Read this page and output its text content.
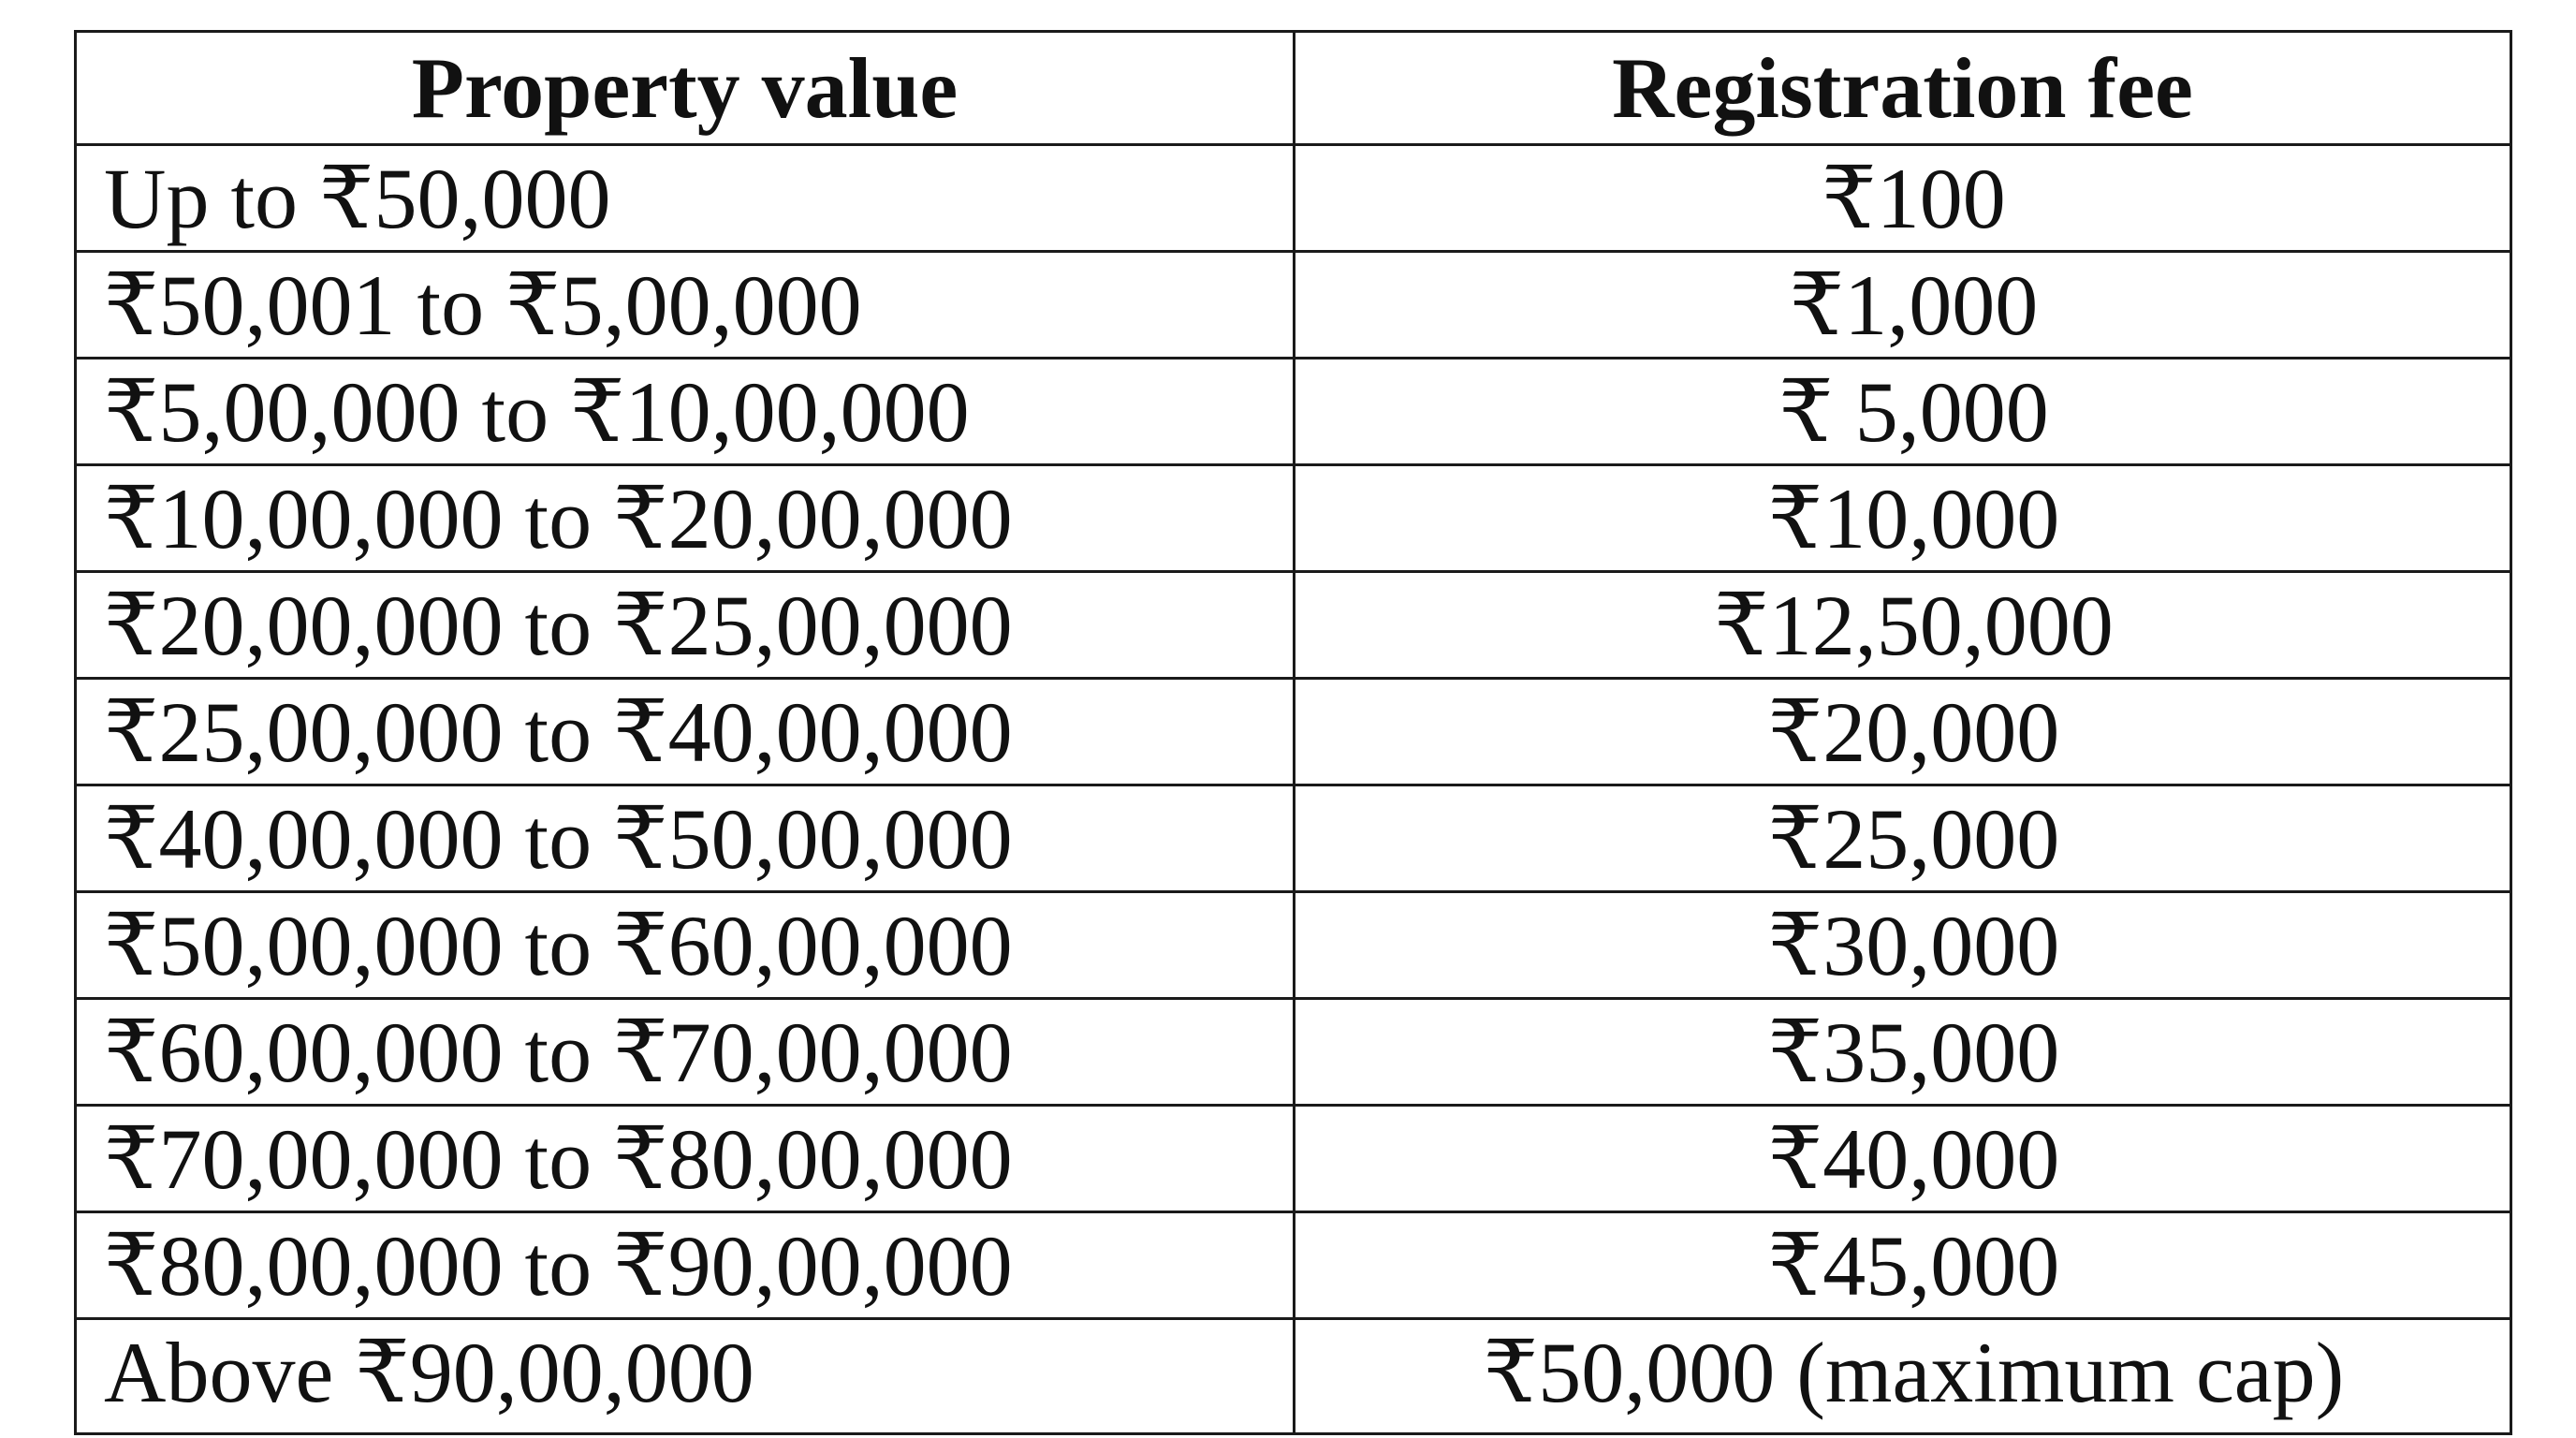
Property value	Registration fee
Up to ₹50,000	₹100
₹50,001 to ₹5,00,000	₹1,000
₹5,00,000 to ₹10,00,000	₹ 5,000
₹10,00,000 to ₹20,00,000	₹10,000
₹20,00,000 to ₹25,00,000	₹12,50,000
₹25,00,000 to ₹40,00,000	₹20,000
₹40,00,000 to ₹50,00,000	₹25,000
₹50,00,000 to ₹60,00,000	₹30,000
₹60,00,000 to ₹70,00,000	₹35,000
₹70,00,000 to ₹80,00,000	₹40,000
₹80,00,000 to ₹90,00,000	₹45,000
Above ₹90,00,000	₹50,000 (maximum cap)
